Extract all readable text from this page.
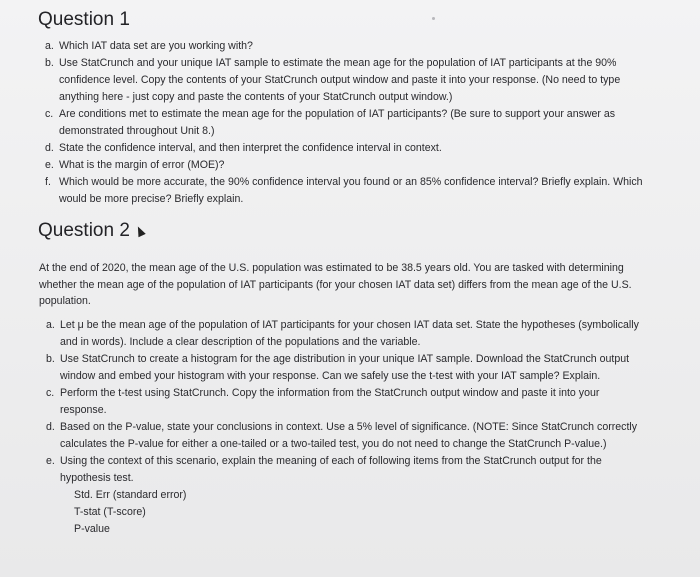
Question 1
a. Which IAT data set are you working with?
b. Use StatCrunch and your unique IAT sample to estimate the mean age for the population of IAT participants at the 90% confidence level. Copy the contents of your StatCrunch output window and paste it into your response. (No need to type anything here - just copy and paste the contents of your StatCrunch output window.)
c. Are conditions met to estimate the mean age for the population of IAT participants? (Be sure to support your answer as demonstrated throughout Unit 8.)
d. State the confidence interval, and then interpret the confidence interval in context.
e. What is the margin of error (MOE)?
f. Which would be more accurate, the 90% confidence interval you found or an 85% confidence interval? Briefly explain. Which would be more precise? Briefly explain.
Question 2

At the end of 2020, the mean age of the U.S. population was estimated to be 38.5 years old. You are tasked with determining whether the mean age of the population of IAT participants (for your chosen IAT data set) differs from the mean age of the U.S. population.

a. Let μ be the mean age of the population of IAT participants for your chosen IAT data set. State the hypotheses (symbolically and in words). Include a clear description of the populations and the variable.
b. Use StatCrunch to create a histogram for the age distribution in your unique IAT sample. Download the StatCrunch output window and embed your histogram with your response. Can we safely use the t-test with your IAT sample? Explain.
c. Perform the t-test using StatCrunch. Copy the information from the StatCrunch output window and paste it into your response.
d. Based on the P-value, state your conclusions in context. Use a 5% level of significance. (NOTE: Since StatCrunch correctly calculates the P-value for either a one-tailed or a two-tailed test, you do not need to change the StatCrunch P-value.)
e. Using the context of this scenario, explain the meaning of each of following items from the StatCrunch output for the hypothesis test.
Std. Err (standard error)
T-stat (T-score)
P-value
